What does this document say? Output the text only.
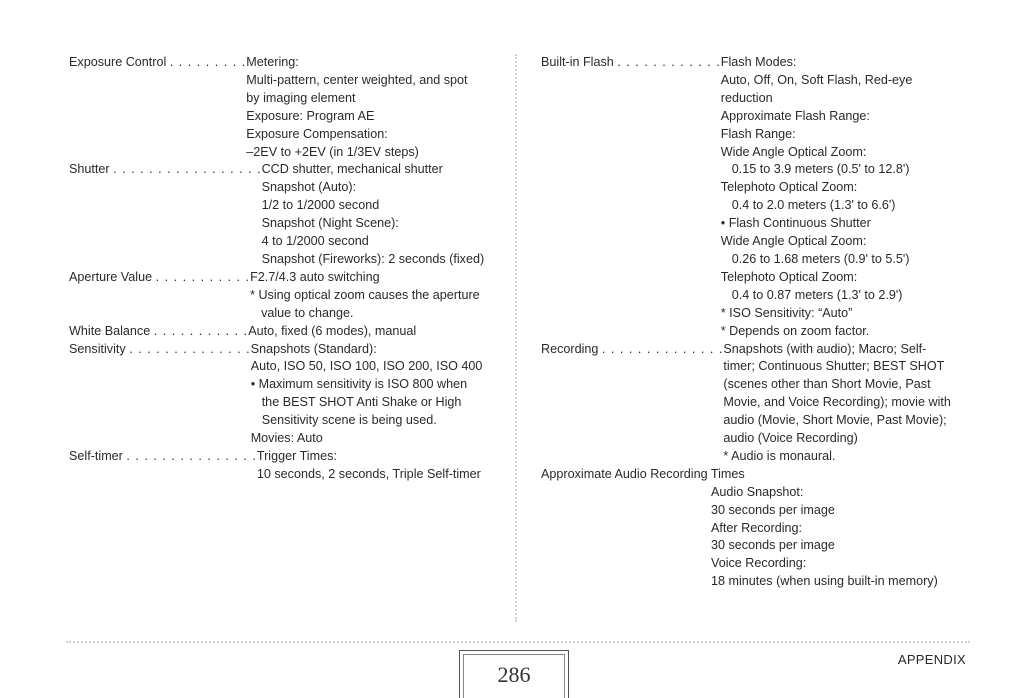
Exposure Control . . . . . . . . . Metering:
Multi-pattern, center weighted, and spot
by imaging element
Exposure: Program AE
Exposure Compensation:
–2EV to +2EV (in 1/3EV steps)
Shutter . . . . . . . . . . . . . . . . . CCD shutter, mechanical shutter
Snapshot (Auto):
1/2 to 1/2000 second
Snapshot (Night Scene):
4 to 1/2000 second
Snapshot (Fireworks): 2 seconds (fixed)
Aperture Value . . . . . . . . . . . F2.7/4.3 auto switching
* Using optical zoom causes the aperture
value to change.
White Balance . . . . . . . . . . . Auto, fixed (6 modes), manual
Sensitivity . . . . . . . . . . . . . . Snapshots (Standard):
Auto, ISO 50, ISO 100, ISO 200, ISO 400
• Maximum sensitivity is ISO 800 when
the BEST SHOT Anti Shake or High
Sensitivity scene is being used.
Movies: Auto
Self-timer . . . . . . . . . . . . . . . Trigger Times:
10 seconds, 2 seconds, Triple Self-timer
Built-in Flash . . . . . . . . . . . . Flash Modes:
Auto, Off, On, Soft Flash, Red-eye
reduction
Approximate Flash Range:
Flash Range:
Wide Angle Optical Zoom:
0.15 to 3.9 meters (0.5' to 12.8')
Telephoto Optical Zoom:
0.4 to 2.0 meters (1.3' to 6.6')
• Flash Continuous Shutter
Wide Angle Optical Zoom:
0.26 to 1.68 meters (0.9' to 5.5')
Telephoto Optical Zoom:
0.4 to 0.87 meters (1.3' to 2.9')
* ISO Sensitivity: “Auto”
* Depends on zoom factor.
Recording . . . . . . . . . . . . . . Snapshots (with audio); Macro; Self-
timer; Continuous Shutter; BEST SHOT
(scenes other than Short Movie, Past
Movie, and Voice Recording); movie with
audio (Movie, Short Movie, Past Movie);
audio (Voice Recording)
* Audio is monaural.
Approximate Audio Recording Times
Audio Snapshot:
30 seconds per image
After Recording:
30 seconds per image
Voice Recording:
18 minutes (when using built-in memory)
286
APPENDIX
